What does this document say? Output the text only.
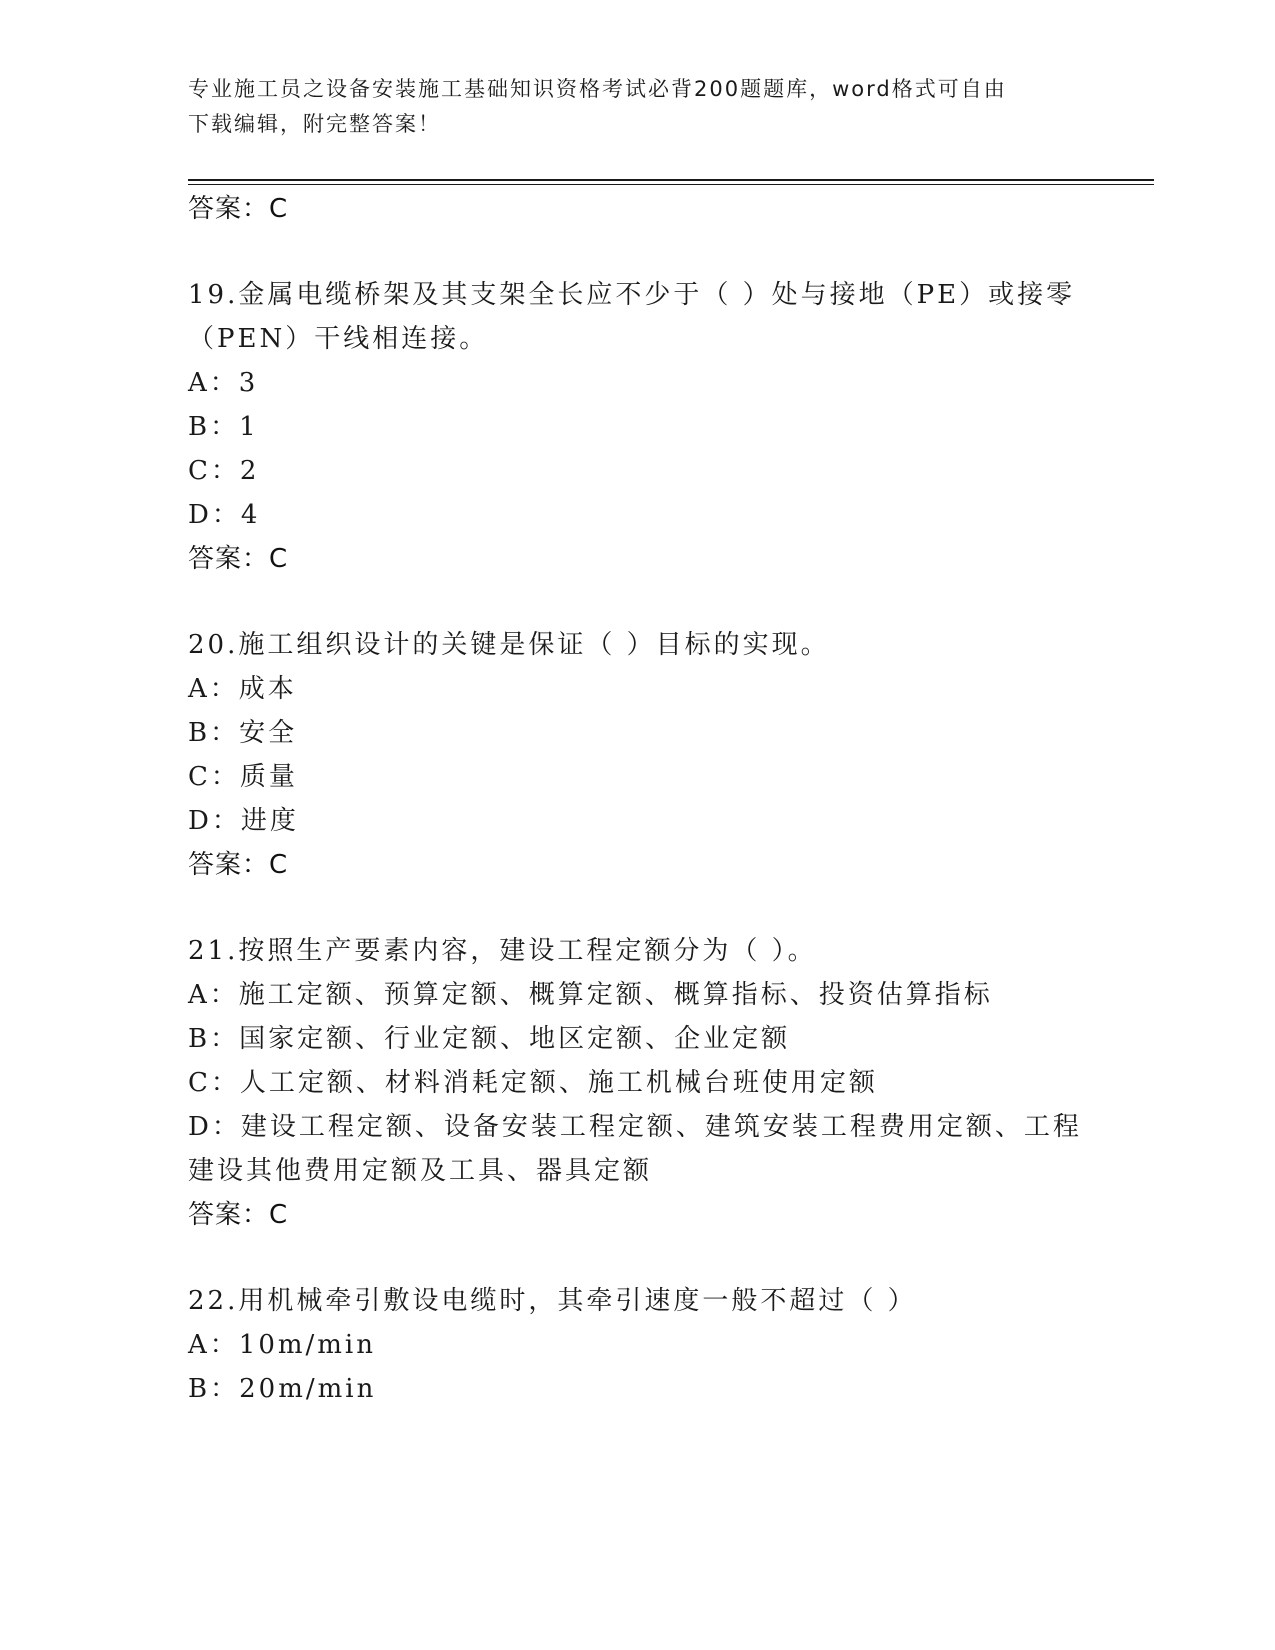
专业施工员之设备安装施工基础知识资格考试必背200题题库，word格式可自由
下载编辑，附完整答案！
答案：C
19.金属电缆桥架及其支架全长应不少于（ ）处与接地（PE）或接零
（PEN）干线相连接。
A：3
B：1
C：2
D：4
答案：C
20.施工组织设计的关键是保证（ ）目标的实现。
A：成本
B：安全
C：质量
D：进度
答案：C
21.按照生产要素内容，建设工程定额分为（ ）。
A：施工定额、预算定额、概算定额、概算指标、投资估算指标
B：国家定额、行业定额、地区定额、企业定额
C：人工定额、材料消耗定额、施工机械台班使用定额
D：建设工程定额、设备安装工程定额、建筑安装工程费用定额、工程
建设其他费用定额及工具、器具定额
答案：C
22.用机械牵引敷设电缆时，其牵引速度一般不超过（ ）
A：10m/min
B：20m/min
